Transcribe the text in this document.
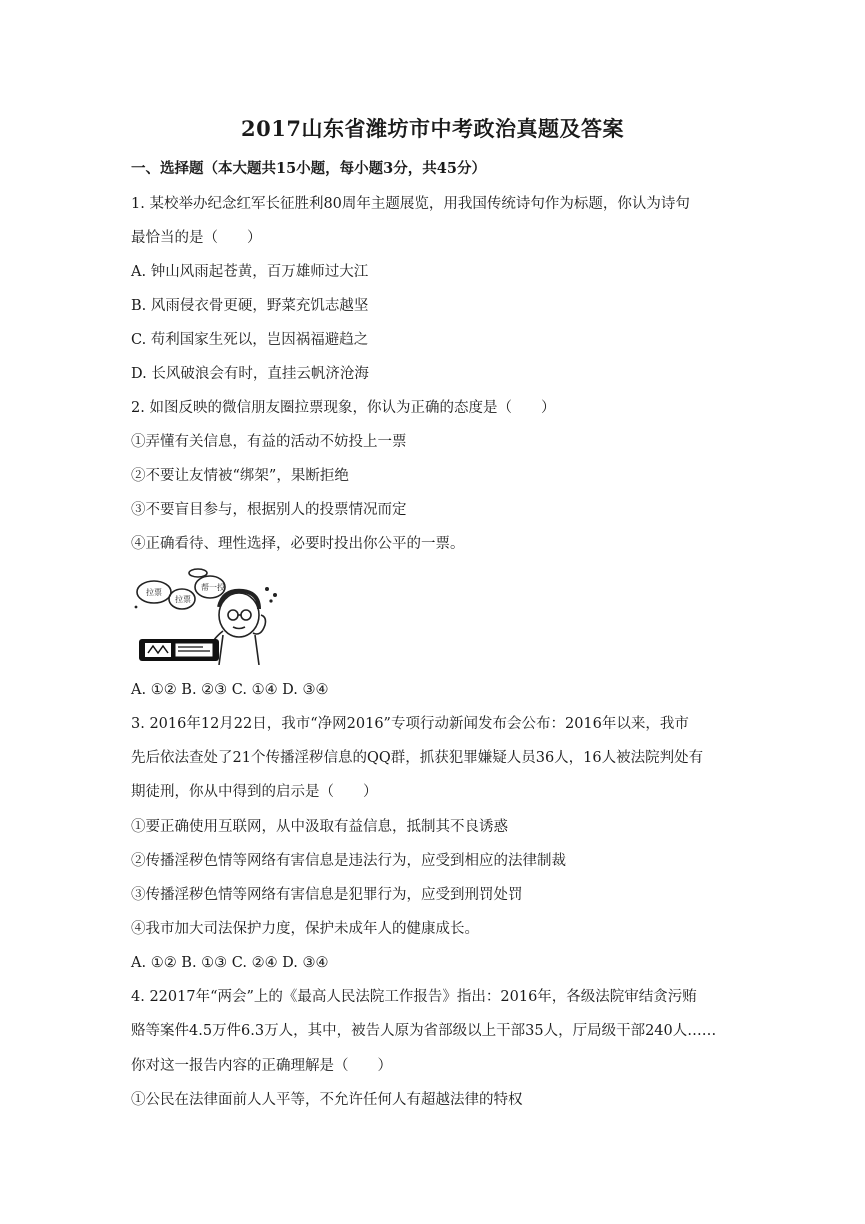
2017山东省潍坊市中考政治真题及答案
一、选择题（本大题共15小题，每小题3分，共45分）
1. 某校举办纪念红军长征胜利80周年主题展览，用我国传统诗句作为标题，你认为诗句
最恰当的是（　　）
A. 钟山风雨起苍黄，百万雄师过大江
B. 风雨侵衣骨更硬，野菜充饥志越坚
C. 苟利国家生死以，岂因祸福避趋之
D. 长风破浪会有时，直挂云帆济沧海
2. 如图反映的微信朋友圈拉票现象，你认为正确的态度是（　　）
①弄懂有关信息，有益的活动不妨投上一票
②不要让友情被“绑架”，果断拒绝
③不要盲目参与，根据别人的投票情况而定
④正确看待、理性选择，必要时投出你公平的一票。
拉票
拉票
帮一投
A. ①② B. ②③ C. ①④ D. ③④
3. 2016年12月22日，我市“净网2016”专项行动新闻发布会公布：2016年以来，我市
先后依法查处了21个传播淫秽信息的QQ群，抓获犯罪嫌疑人员36人，16人被法院判处有
期徒刑，你从中得到的启示是（　　）
①要正确使用互联网，从中汲取有益信息，抵制其不良诱惑
②传播淫秽色情等网络有害信息是违法行为，应受到相应的法律制裁
③传播淫秽色情等网络有害信息是犯罪行为，应受到刑罚处罚
④我市加大司法保护力度，保护未成年人的健康成长。
A. ①② B. ①③ C. ②④ D. ③④
4. 22017年“两会”上的《最高人民法院工作报告》指出：2016年，各级法院审结贪污贿
赂等案件4.5万件6.3万人，其中，被告人原为省部级以上干部35人，厅局级干部240人……
你对这一报告内容的正确理解是（　　）
①公民在法律面前人人平等，不允许任何人有超越法律的特权
